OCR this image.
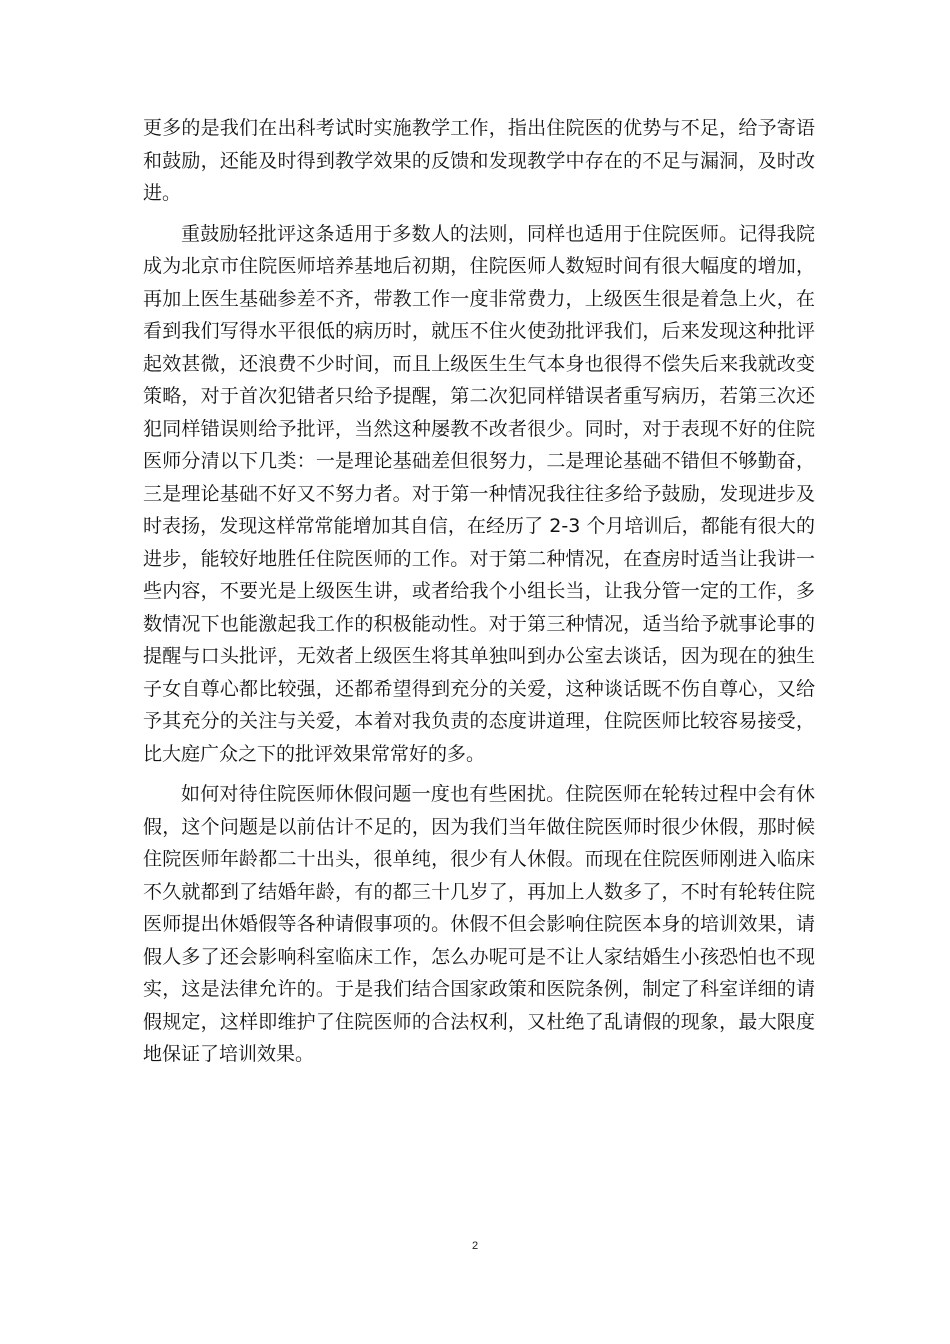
更多的是我们在出科考试时实施教学工作，指出住院医的优势与不足，给予寄语和鼓励，还能及时得到教学效果的反馈和发现教学中存在的不足与漏洞，及时改进。

重鼓励轻批评这条适用于多数人的法则，同样也适用于住院医师。记得我院成为北京市住院医师培养基地后初期，住院医师人数短时间有很大幅度的增加，再加上医生基础参差不齐，带教工作一度非常费力，上级医生很是着急上火，在看到我们写得水平很低的病历时，就压不住火使劲批评我们，后来发现这种批评起效甚微，还浪费不少时间，而且上级医生生气本身也很得不偿失后来我就改变策略，对于首次犯错者只给予提醒，第二次犯同样错误者重写病历，若第三次还犯同样错误则给予批评，当然这种屡教不改者很少。同时，对于表现不好的住院医师分清以下几类：一是理论基础差但很努力，二是理论基础不错但不够勤奋，三是理论基础不好又不努力者。对于第一种情况我往往多给予鼓励，发现进步及时表扬，发现这样常常能增加其自信，在经历了 2-3 个月培训后，都能有很大的进步，能较好地胜任住院医师的工作。对于第二种情况，在查房时适当让我讲一些内容，不要光是上级医生讲，或者给我个小组长当，让我分管一定的工作，多数情况下也能激起我工作的积极能动性。对于第三种情况，适当给予就事论事的提醒与口头批评，无效者上级医生将其单独叫到办公室去谈话，因为现在的独生子女自尊心都比较强，还都希望得到充分的关爱，这种谈话既不伤自尊心，又给予其充分的关注与关爱，本着对我负责的态度讲道理，住院医师比较容易接受，比大庭广众之下的批评效果常常好的多。

如何对待住院医师休假问题一度也有些困扰。住院医师在轮转过程中会有休假，这个问题是以前估计不足的，因为我们当年做住院医师时很少休假，那时候住院医师年龄都二十出头，很单纯，很少有人休假。而现在住院医师刚进入临床不久就都到了结婚年龄，有的都三十几岁了，再加上人数多了，不时有轮转住院医师提出休婚假等各种请假事项的。休假不但会影响住院医本身的培训效果，请假人多了还会影响科室临床工作，怎么办呢可是不让人家结婚生小孩恐怕也不现实，这是法律允许的。于是我们结合国家政策和医院条例，制定了科室详细的请假规定，这样即维护了住院医师的合法权利，又杜绝了乱请假的现象，最大限度地保证了培训效果。

2
